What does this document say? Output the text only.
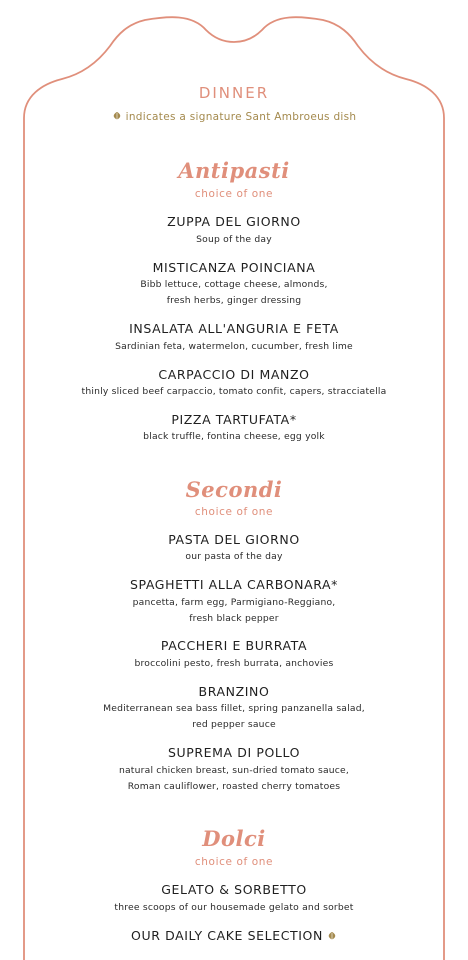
DINNER
indicates a signature Sant Ambroeus dish
Antipasti
choice of one
ZUPPA DEL GIORNO
Soup of the day
MISTICANZA POINCIANA
Bibb lettuce, cottage cheese, almonds,
fresh herbs, ginger dressing
INSALATA ALL'ANGURIA E FETA
Sardinian feta, watermelon, cucumber, fresh lime
CARPACCIO DI MANZO
thinly sliced beef carpaccio, tomato confit, capers, stracciatella
PIZZA TARTUFATA*
black truffle, fontina cheese, egg yolk
Secondi
choice of one
PASTA DEL GIORNO
our pasta of the day
SPAGHETTI ALLA CARBONARA*
pancetta, farm egg, Parmigiano-Reggiano,
fresh black pepper
PACCHERI E BURRATA
broccolini pesto, fresh burrata, anchovies
BRANZINO
Mediterranean sea bass fillet, spring panzanella salad,
red pepper sauce
SUPREMA DI POLLO
natural chicken breast, sun-dried tomato sauce,
Roman cauliflower, roasted cherry tomatoes
Dolci
choice of one
GELATO & SORBETTO
three scoops of our housemade gelato and sorbet
OUR DAILY CAKE SELECTION
